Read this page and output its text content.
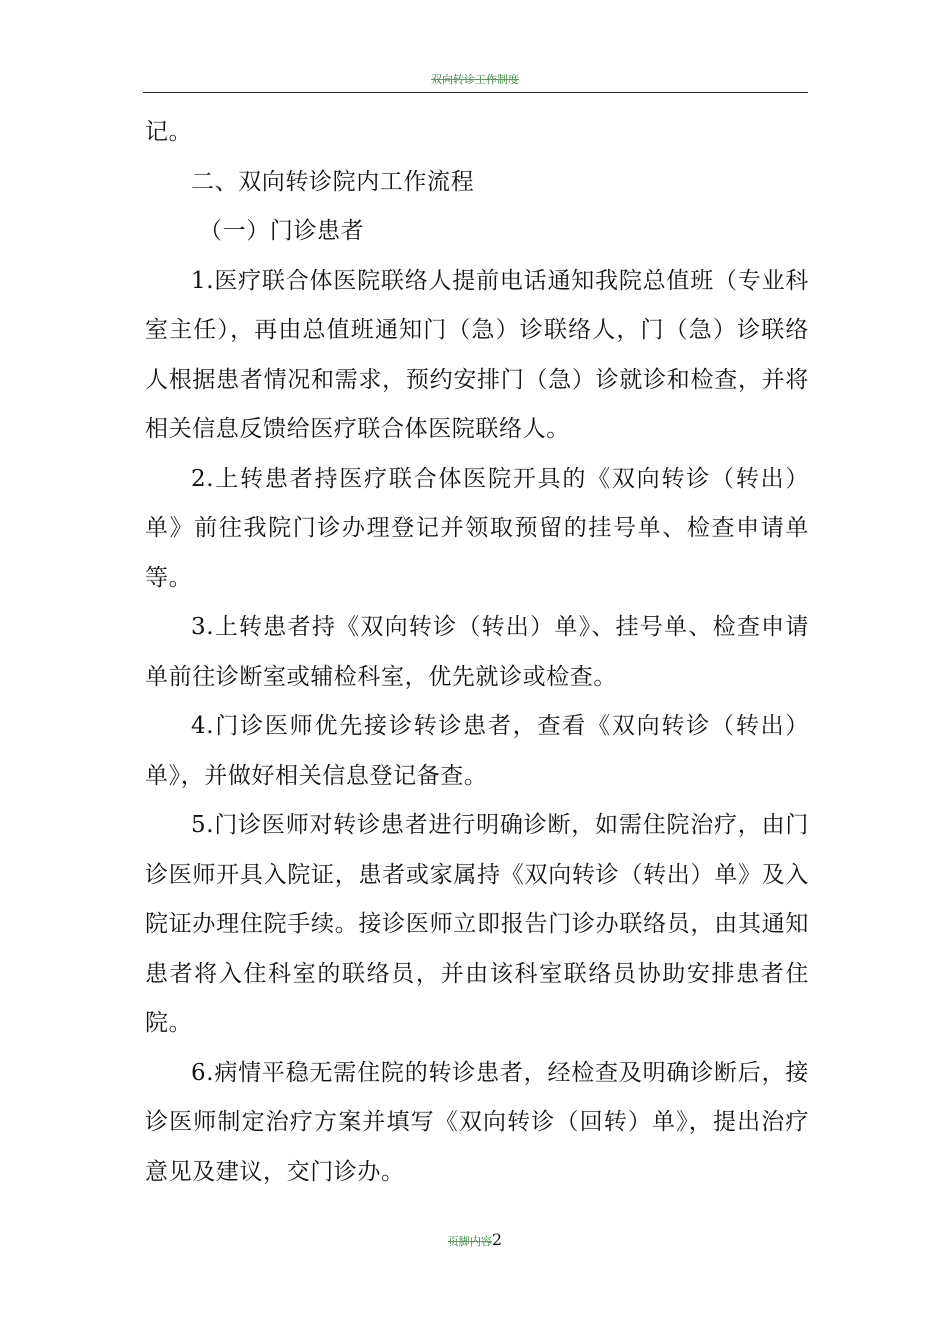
双向转诊工作制度

记。

二、双向转诊院内工作流程

（一）门诊患者

1.医疗联合体医院联络人提前电话通知我院总值班（专业科室主任），再由总值班通知门（急）诊联络人，门（急）诊联络人根据患者情况和需求，预约安排门（急）诊就诊和检查，并将相关信息反馈给医疗联合体医院联络人。

2.上转患者持医疗联合体医院开具的《双向转诊（转出）单》前往我院门诊办理登记并领取预留的挂号单、检查申请单等。

3.上转患者持《双向转诊（转出）单》、挂号单、检查申请单前往诊断室或辅检科室，优先就诊或检查。

4.门诊医师优先接诊转诊患者，查看《双向转诊（转出）单》，并做好相关信息登记备查。

5.门诊医师对转诊患者进行明确诊断，如需住院治疗，由门诊医师开具入院证，患者或家属持《双向转诊（转出）单》及入院证办理住院手续。接诊医师立即报告门诊办联络员，由其通知患者将入住科室的联络员，并由该科室联络员协助安排患者住院。

6.病情平稳无需住院的转诊患者，经检查及明确诊断后，接诊医师制定治疗方案并填写《双向转诊（回转）单》，提出治疗意见及建议，交门诊办。

页脚内容2
